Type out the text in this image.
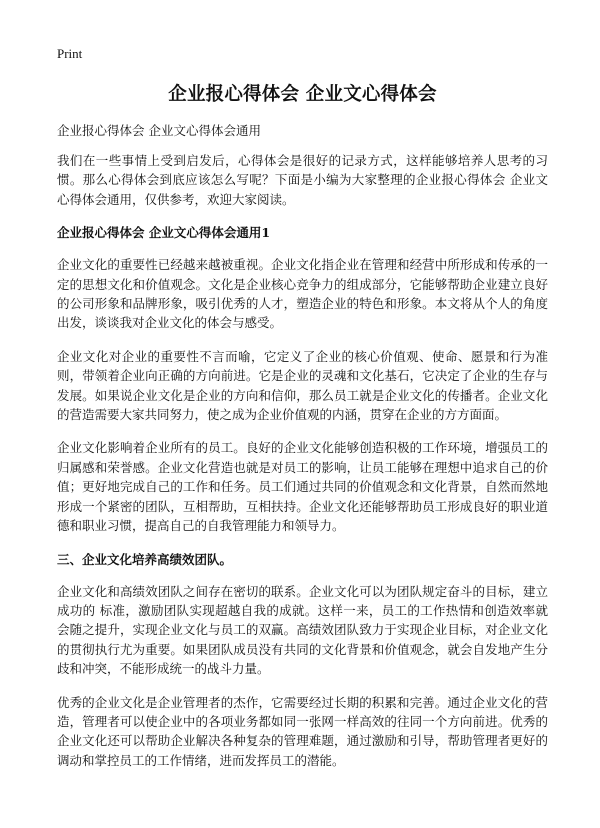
Print
企业报心得体会 企业文心得体会

企业报心得体会 企业文心得体会通用

我们在一些事情上受到启发后，心得体会是很好的记录方式，这样能够培养人思考的习惯。那么心得体会到底应该怎么写呢？下面是小编为大家整理的企业报心得体会 企业文心得体会通用，仅供参考，欢迎大家阅读。

企业报心得体会 企业文心得体会通用1

企业文化的重要性已经越来越被重视。企业文化指企业在管理和经营中所形成和传承的一定的思想文化和价值观念。文化是企业核心竞争力的组成部分，它能够帮助企业建立良好的公司形象和品牌形象，吸引优秀的人才，塑造企业的特色和形象。本文将从个人的角度出发，谈谈我对企业文化的体会与感受。

企业文化对企业的重要性不言而喻，它定义了企业的核心价值观、使命、愿景和行为准则，带领着企业向正确的方向前进。它是企业的灵魂和文化基石，它决定了企业的生存与发展。如果说企业文化是企业的方向和信仰，那么员工就是企业文化的传播者。企业文化的营造需要大家共同努力，使之成为企业价值观的内涵，贯穿在企业的方方面面。

企业文化影响着企业所有的员工。良好的企业文化能够创造积极的工作环境，增强员工的归属感和荣誉感。企业文化营造也就是对员工的影响，让员工能够在理想中追求自己的价值；更好地完成自己的工作和任务。员工们通过共同的价值观念和文化背景，自然而然地形成一个紧密的团队，互相帮助，互相扶持。企业文化还能够帮助员工形成良好的职业道德和职业习惯，提高自己的自我管理能力和领导力。

三、企业文化培养高绩效团队。

企业文化和高绩效团队之间存在密切的联系。企业文化可以为团队规定奋斗的目标，建立成功的 标准，激励团队实现超越自我的成就。这样一来，员工的工作热情和创造效率就会随之提升，实现企业文化与员工的双赢。高绩效团队致力于实现企业目标，对企业文化的贯彻执行尤为重要。如果团队成员没有共同的文化背景和价值观念，就会自发地产生分歧和冲突，不能形成统一的战斗力量。

优秀的企业文化是企业管理者的杰作，它需要经过长期的积累和完善。通过企业文化的营造，管理者可以使企业中的各项业务都如同一张网一样高效的往同一个方向前进。优秀的企业文化还可以帮助企业解决各种复杂的管理难题，通过激励和引导，帮助管理者更好的调动和掌控员工的工作情绪，进而发挥员工的潜能。
